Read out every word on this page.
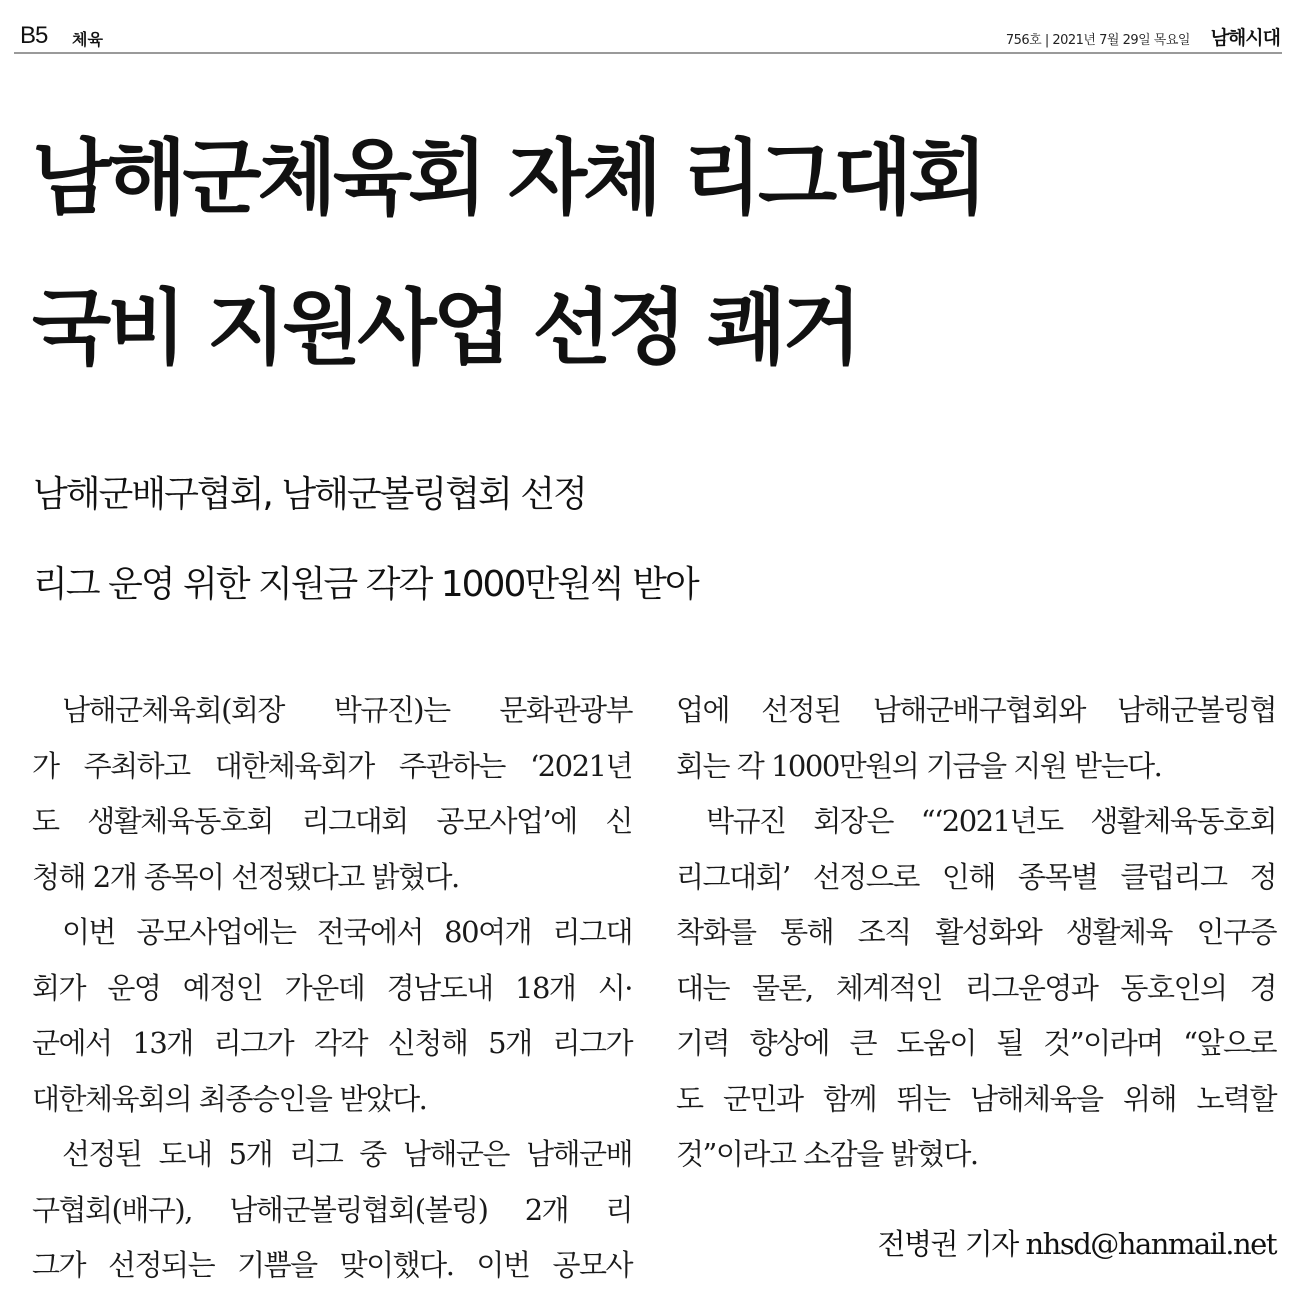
B5 체육	756호 | 2021년 7월 29일 목요일 남해시대
남해군체육회 자체 리그대회
국비 지원사업 선정 쾌거
남해군배구협회, 남해군볼링협회 선정
리그 운영 위한 지원금 각각 1000만원씩 받아
남해군체육회(회장 박규진)는 문화관광부
가 주최하고 대한체육회가 주관하는 ‘2021년
도 생활체육동호회 리그대회 공모사업’에 신
청해 2개 종목이 선정됐다고 밝혔다.
이번 공모사업에는 전국에서 80여개 리그대
회가 운영 예정인 가운데 경남도내 18개 시·
군에서 13개 리그가 각각 신청해 5개 리그가
대한체육회의 최종승인을 받았다.
선정된 도내 5개 리그 중 남해군은 남해군배
구협회(배구), 남해군볼링협회(볼링) 2개 리
그가 선정되는 기쁨을 맞이했다. 이번 공모사
업에 선정된 남해군배구협회와 남해군볼링협
회는 각 1000만원의 기금을 지원 받는다.
박규진 회장은 “‘2021년도 생활체육동호회
리그대회’ 선정으로 인해 종목별 클럽리그 정
착화를 통해 조직 활성화와 생활체육 인구증
대는 물론, 체계적인 리그운영과 동호인의 경
기력 향상에 큰 도움이 될 것”이라며 “앞으로
도 군민과 함께 뛰는 남해체육을 위해 노력할
것”이라고 소감을 밝혔다.
전병권 기자 nhsd@hanmail.net
